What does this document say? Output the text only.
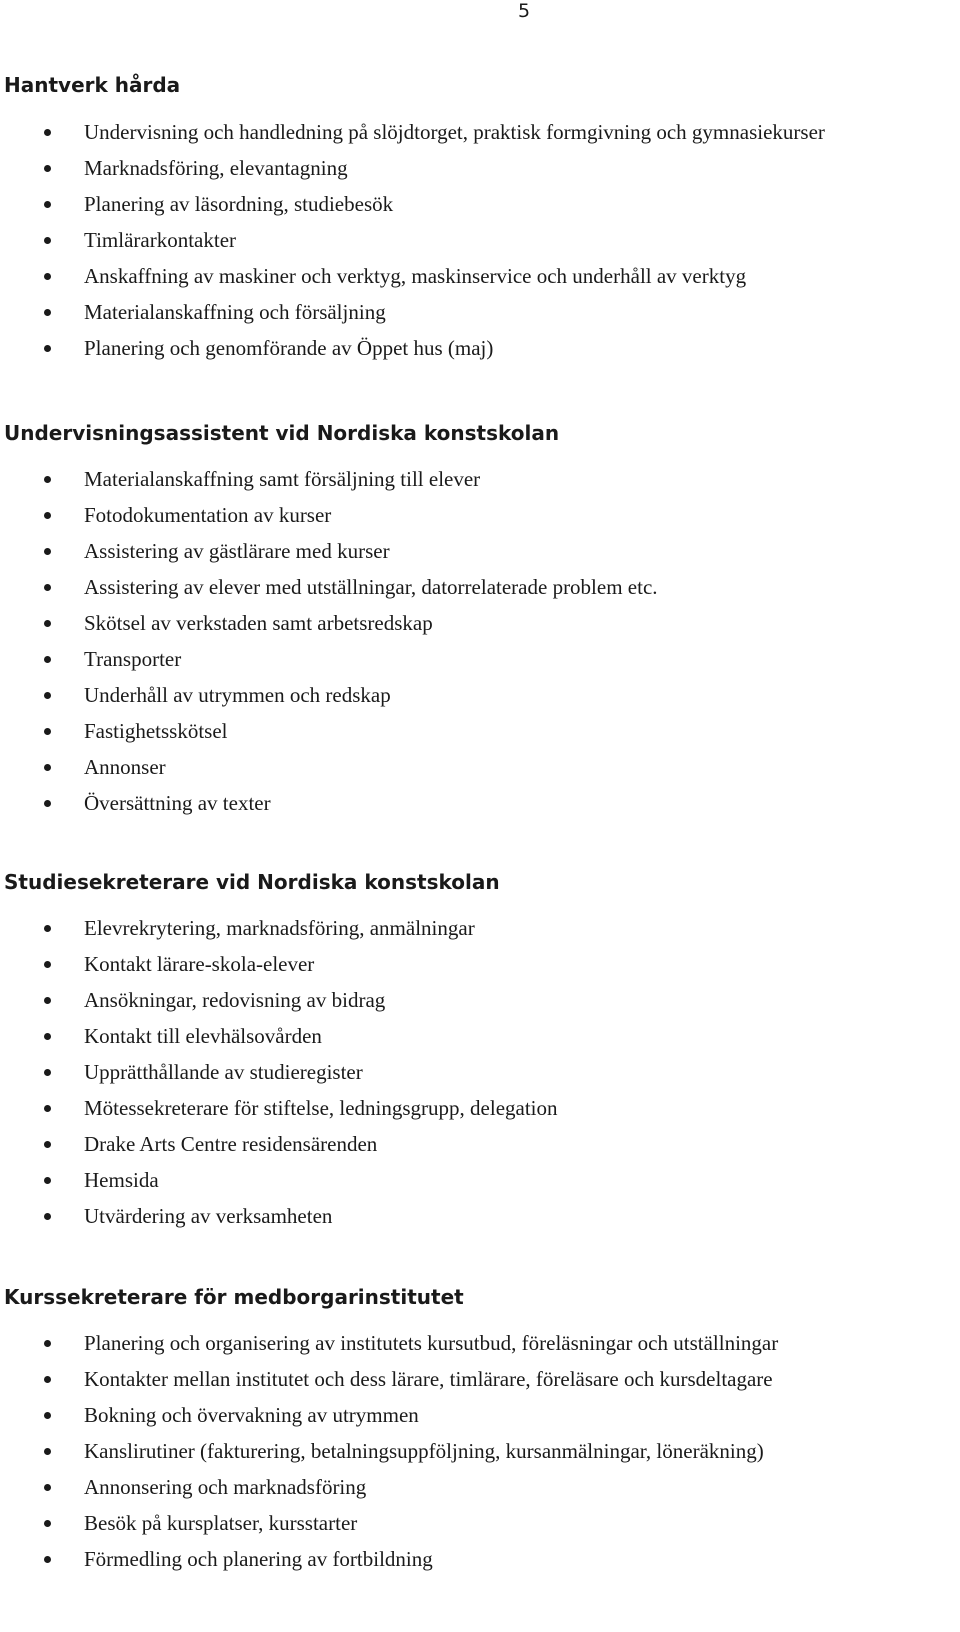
5
Hantverk hårda
Undervisning och handledning på slöjdtorget, praktisk formgivning och gymnasiekurser
Marknadsföring, elevantagning
Planering av läsordning, studiebesök
Timlärarkontakter
Anskaffning av maskiner och verktyg, maskinservice och underhåll av verktyg
Materialanskaffning och försäljning
Planering och genomförande av Öppet hus (maj)
Undervisningsassistent vid Nordiska konstskolan
Materialanskaffning samt försäljning till elever
Fotodokumentation av kurser
Assistering av gästlärare med kurser
Assistering av elever med utställningar, datorrelaterade problem etc.
Skötsel av verkstaden samt arbetsredskap
Transporter
Underhåll av utrymmen och redskap
Fastighetsskötsel
Annonser
Översättning av texter
Studiesekreterare vid Nordiska konstskolan
Elevrekrytering, marknadsföring, anmälningar
Kontakt lärare-skola-elever
Ansökningar, redovisning av bidrag
Kontakt till elevhälsovården
Upprätthållande av studieregister
Mötessekreterare för stiftelse, ledningsgrupp, delegation
Drake Arts Centre residensärenden
Hemsida
Utvärdering av verksamheten
Kurssekreterare för medborgarinstitutet
Planering och organisering av institutets kursutbud, föreläsningar och utställningar
Kontakter mellan institutet och dess lärare, timlärare, föreläsare och kursdeltagare
Bokning och övervakning av utrymmen
Kanslirutiner (fakturering, betalningsuppföljning, kursanmälningar, löneräkning)
Annonsering och marknadsföring
Besök på kursplatser, kursstarter
Förmedling och planering av fortbildning
